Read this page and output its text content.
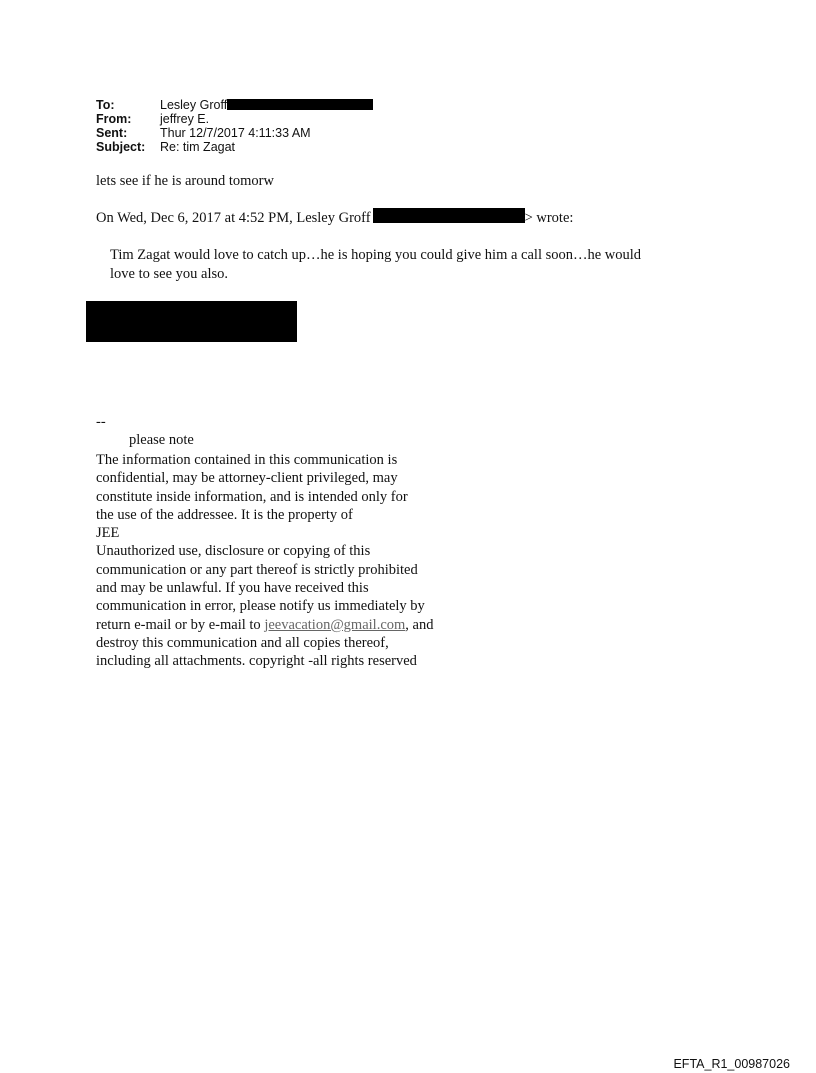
To:	Lesley Groff
From: jeffrey E.
Sent:	Thur 12/7/2017 4:11:33 AM
Subject: Re: tim Zagat
lets see if he is around tomorw
On Wed, Dec 6, 2017 at 4:52 PM, Lesley Groff	> wrote:
Tim Zagat would love to catch up…he is hoping you could give him a call soon…he would
love to see you also.
--
please note
The information contained in this communication is
confidential, may be attorney-client privileged, may
constitute inside information, and is intended only for
the use of the addressee. It is the property of
JEE
Unauthorized use, disclosure or copying of this
communication or any part thereof is strictly prohibited
and may be unlawful. If you have received this
communication in error, please notify us immediately by
return e-mail or by e-mail to jeevacation@gmail.com, and
destroy this communication and all copies thereof,
including all attachments. copyright -all rights reserved
EFTA_R1_00987026
